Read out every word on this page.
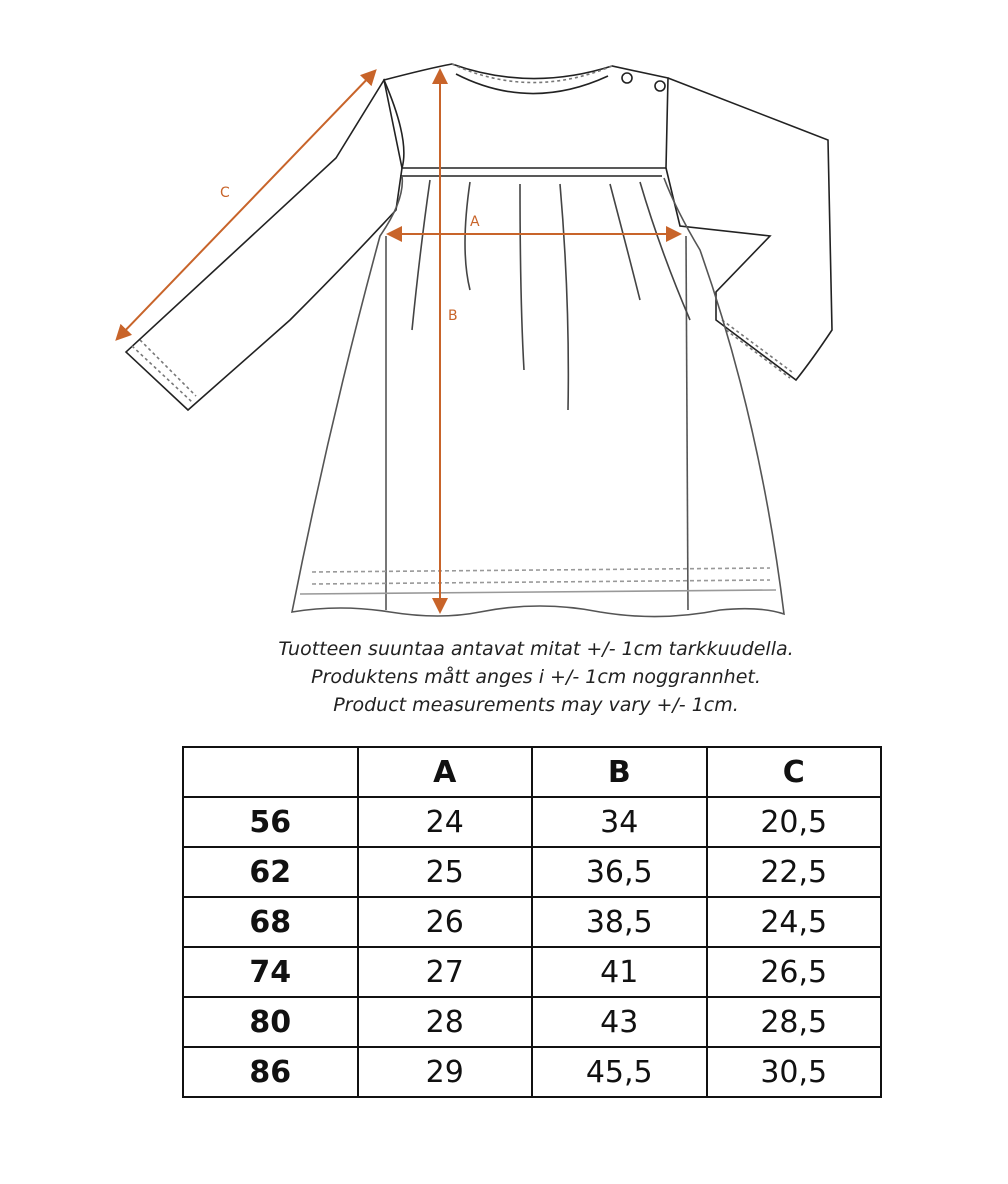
A
B
C
Tuotteen suuntaa antavat mitat +/- 1cm tarkkuudella.
Produktens mått anges i +/- 1cm noggrannhet.
Product measurements may vary +/- 1cm.
	A	B	C
56	24	34	20,5
62	25	36,5	22,5
68	26	38,5	24,5
74	27	41	26,5
80	28	43	28,5
86	29	45,5	30,5
